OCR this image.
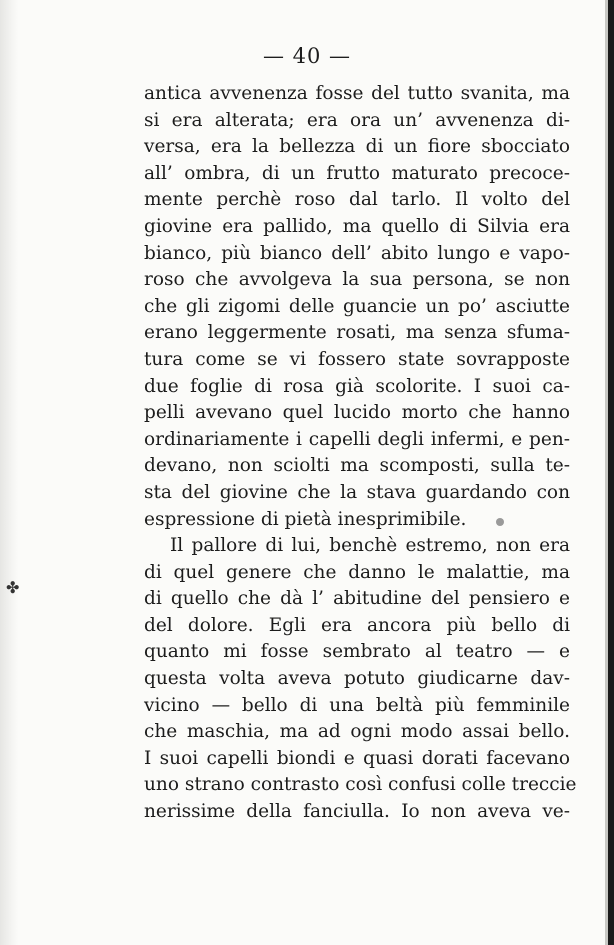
— 40 —
✤
antica avvenenza fosse del tutto svanita, ma
si era alterata; era ora un’ avvenenza di-
versa, era la bellezza di un fiore sbocciato
all’ ombra, di un frutto maturato precoce-
mente perchè roso dal tarlo. Il volto del
giovine era pallido, ma quello di Silvia era
bianco, più bianco dell’ abito lungo e vapo-
roso che avvolgeva la sua persona, se non
che gli zigomi delle guancie un po’ asciutte
erano leggermente rosati, ma senza sfuma-
tura come se vi fossero state sovrapposte
due foglie di rosa già scolorite. I suoi ca-
pelli avevano quel lucido morto che hanno
ordinariamente i capelli degli infermi, e pen-
devano, non sciolti ma scomposti, sulla te-
sta del giovine che la stava guardando con
espressione di pietà inesprimibile.
Il pallore di lui, benchè estremo, non era
di quel genere che danno le malattie, ma
di quello che dà l’ abitudine del pensiero e
del dolore. Egli era ancora più bello di
quanto mi fosse sembrato al teatro — e
questa volta aveva potuto giudicarne dav-
vicino — bello di una beltà più femminile
che maschia, ma ad ogni modo assai bello.
I suoi capelli biondi e quasi dorati facevano
uno strano contrasto così confusi colle treccie
nerissime della fanciulla. Io non aveva ve-
